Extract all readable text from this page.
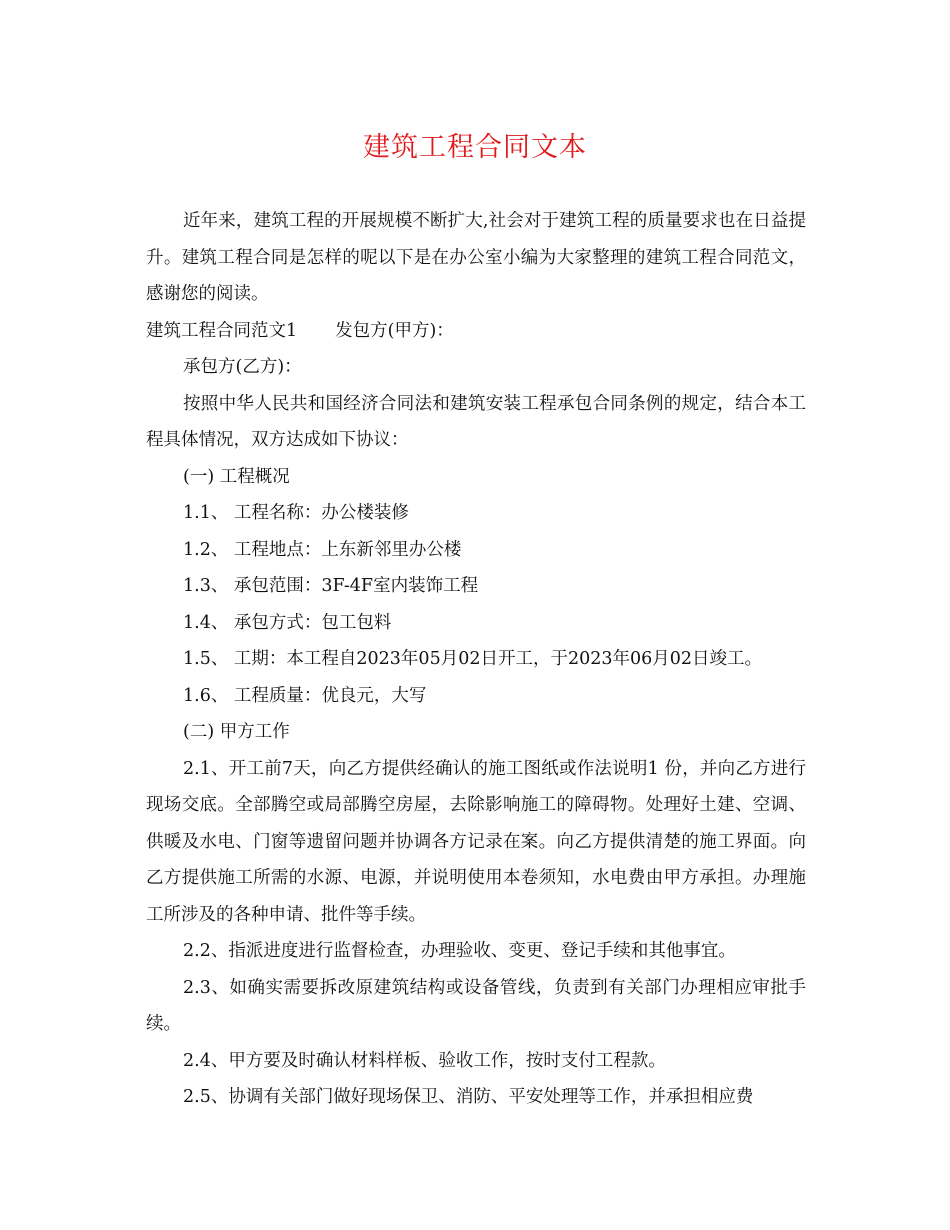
建筑工程合同文本

近年来，建筑工程的开展规模不断扩大,社会对于建筑工程的质量要求也在日益提升。建筑工程合同是怎样的呢以下是在办公室小编为大家整理的建筑工程合同范文，感谢您的阅读。

建筑工程合同范文1 发包方(甲方)：

承包方(乙方)：

按照中华人民共和国经济合同法和建筑安装工程承包合同条例的规定，结合本工程具体情况，双方达成如下协议：

(一) 工程概况

1.1、 工程名称：办公楼装修

1.2、 工程地点：上东新邻里办公楼

1.3、 承包范围：3F-4F室内装饰工程

1.4、 承包方式：包工包料

1.5、 工期：本工程自2023年05月02日开工，于2023年06月02日竣工。

1.6、 工程质量：优良元，大写

(二) 甲方工作

2.1、开工前7天，向乙方提供经确认的施工图纸或作法说明1 份，并向乙方进行现场交底。全部腾空或局部腾空房屋，去除影响施工的障碍物。处理好土建、空调、供暖及水电、门窗等遗留问题并协调各方记录在案。向乙方提供清楚的施工界面。向乙方提供施工所需的水源、电源，并说明使用本卷须知，水电费由甲方承担。办理施工所涉及的各种申请、批件等手续。

2.2、指派进度进行监督检查，办理验收、变更、登记手续和其他事宜。

2.3、如确实需要拆改原建筑结构或设备管线，负责到有关部门办理相应审批手续。

2.4、甲方要及时确认材料样板、验收工作，按时支付工程款。

2.5、协调有关部门做好现场保卫、消防、平安处理等工作，并承担相应费
